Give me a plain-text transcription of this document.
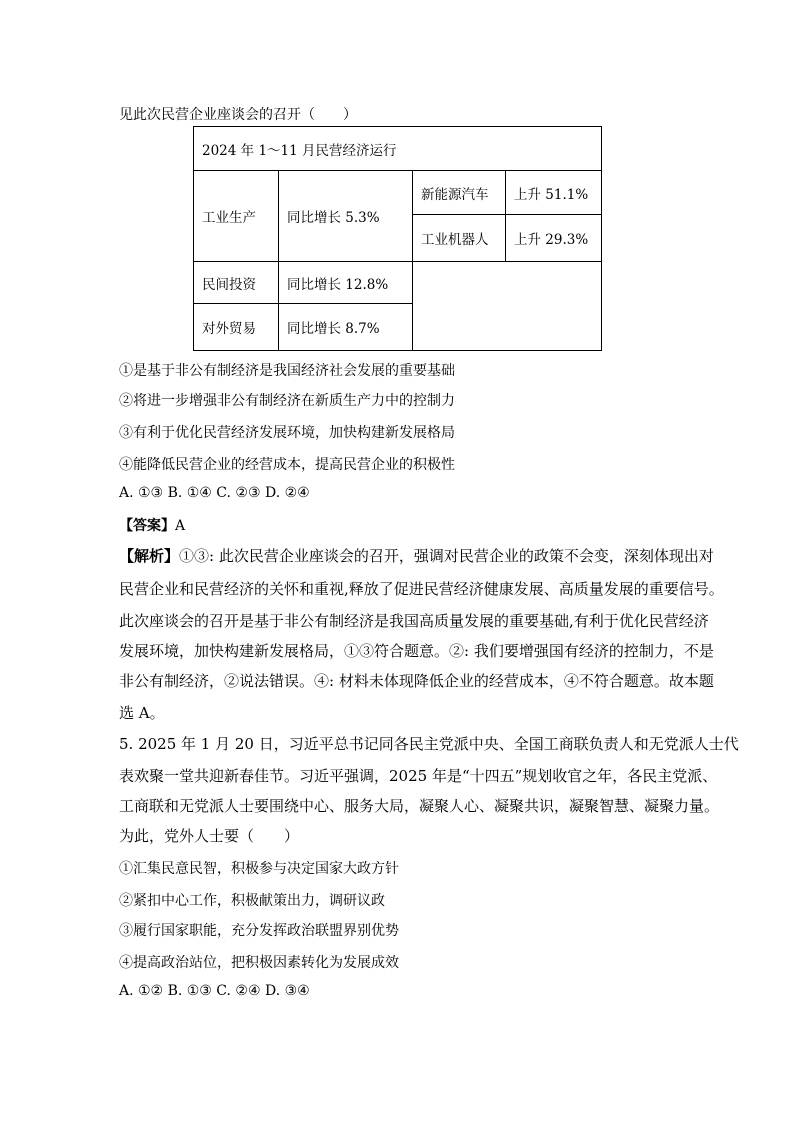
见此次民营企业座谈会的召开（　　）
2024 年 1～11 月民营经济运行			
工业生产	同比增长 5.3%	新能源汽车	上升 51.1%
		工业机器人	上升 29.3%
民间投资	同比增长 12.8%		
对外贸易	同比增长 8.7%		
①是基于非公有制经济是我国经济社会发展的重要基础
②将进一步增强非公有制经济在新质生产力中的控制力
③有利于优化民营经济发展环境，加快构建新发展格局
④能降低民营企业的经营成本，提高民营企业的积极性
A. ①③ B. ①④ C. ②③ D. ②④
【答案】A
【解析】①③: 此次民营企业座谈会的召开，强调对民营企业的政策不会变，深刻体现出对
民营企业和民营经济的关怀和重视,释放了促进民营经济健康发展、高质量发展的重要信号。
此次座谈会的召开是基于非公有制经济是我国高质量发展的重要基础,有利于优化民营经济
发展环境，加快构建新发展格局，①③符合题意。②: 我们要增强国有经济的控制力，不是
非公有制经济，②说法错误。④: 材料未体现降低企业的经营成本，④不符合题意。故本题
选 A。
5. 2025 年 1 月 20 日，习近平总书记同各民主党派中央、全国工商联负责人和无党派人士代
表欢聚一堂共迎新春佳节。习近平强调，2025 年是“十四五”规划收官之年，各民主党派、
工商联和无党派人士要围绕中心、服务大局，凝聚人心、凝聚共识，凝聚智慧、凝聚力量。
为此，党外人士要（　　）
①汇集民意民智，积极参与决定国家大政方针
②紧扣中心工作，积极献策出力，调研议政
③履行国家职能，充分发挥政治联盟界别优势
④提高政治站位，把积极因素转化为发展成效
A. ①② B. ①③ C. ②④ D. ③④
